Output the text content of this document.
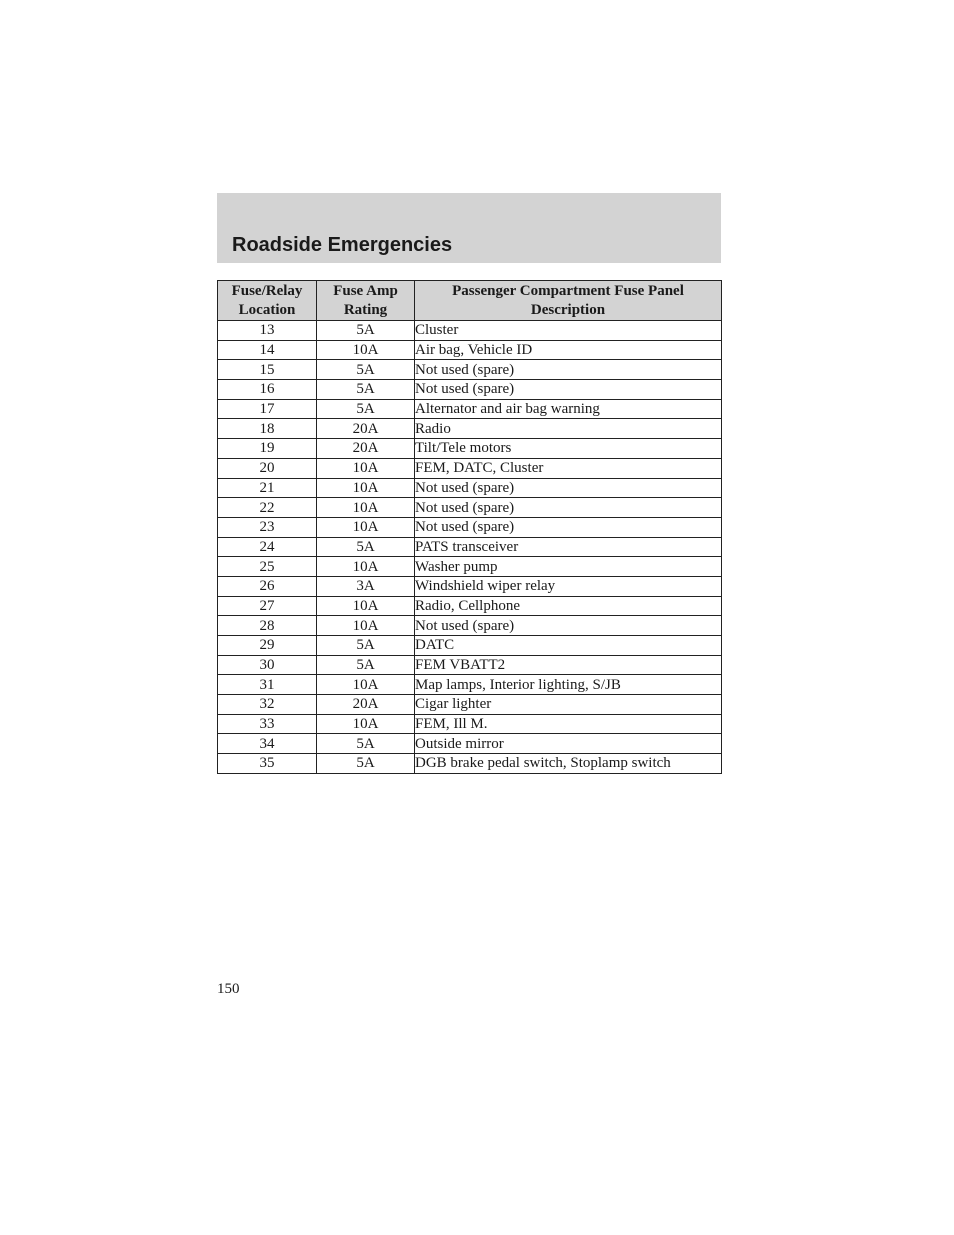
Roadside Emergencies
Fuse/Relay Location	Fuse Amp Rating	Passenger Compartment Fuse Panel Description
13	5A	Cluster
14	10A	Air bag, Vehicle ID
15	5A	Not used (spare)
16	5A	Not used (spare)
17	5A	Alternator and air bag warning
18	20A	Radio
19	20A	Tilt/Tele motors
20	10A	FEM, DATC, Cluster
21	10A	Not used (spare)
22	10A	Not used (spare)
23	10A	Not used (spare)
24	5A	PATS transceiver
25	10A	Washer pump
26	3A	Windshield wiper relay
27	10A	Radio, Cellphone
28	10A	Not used (spare)
29	5A	DATC
30	5A	FEM VBATT2
31	10A	Map lamps, Interior lighting, S/JB
32	20A	Cigar lighter
33	10A	FEM, Ill M.
34	5A	Outside mirror
35	5A	DGB brake pedal switch, Stoplamp switch
150
